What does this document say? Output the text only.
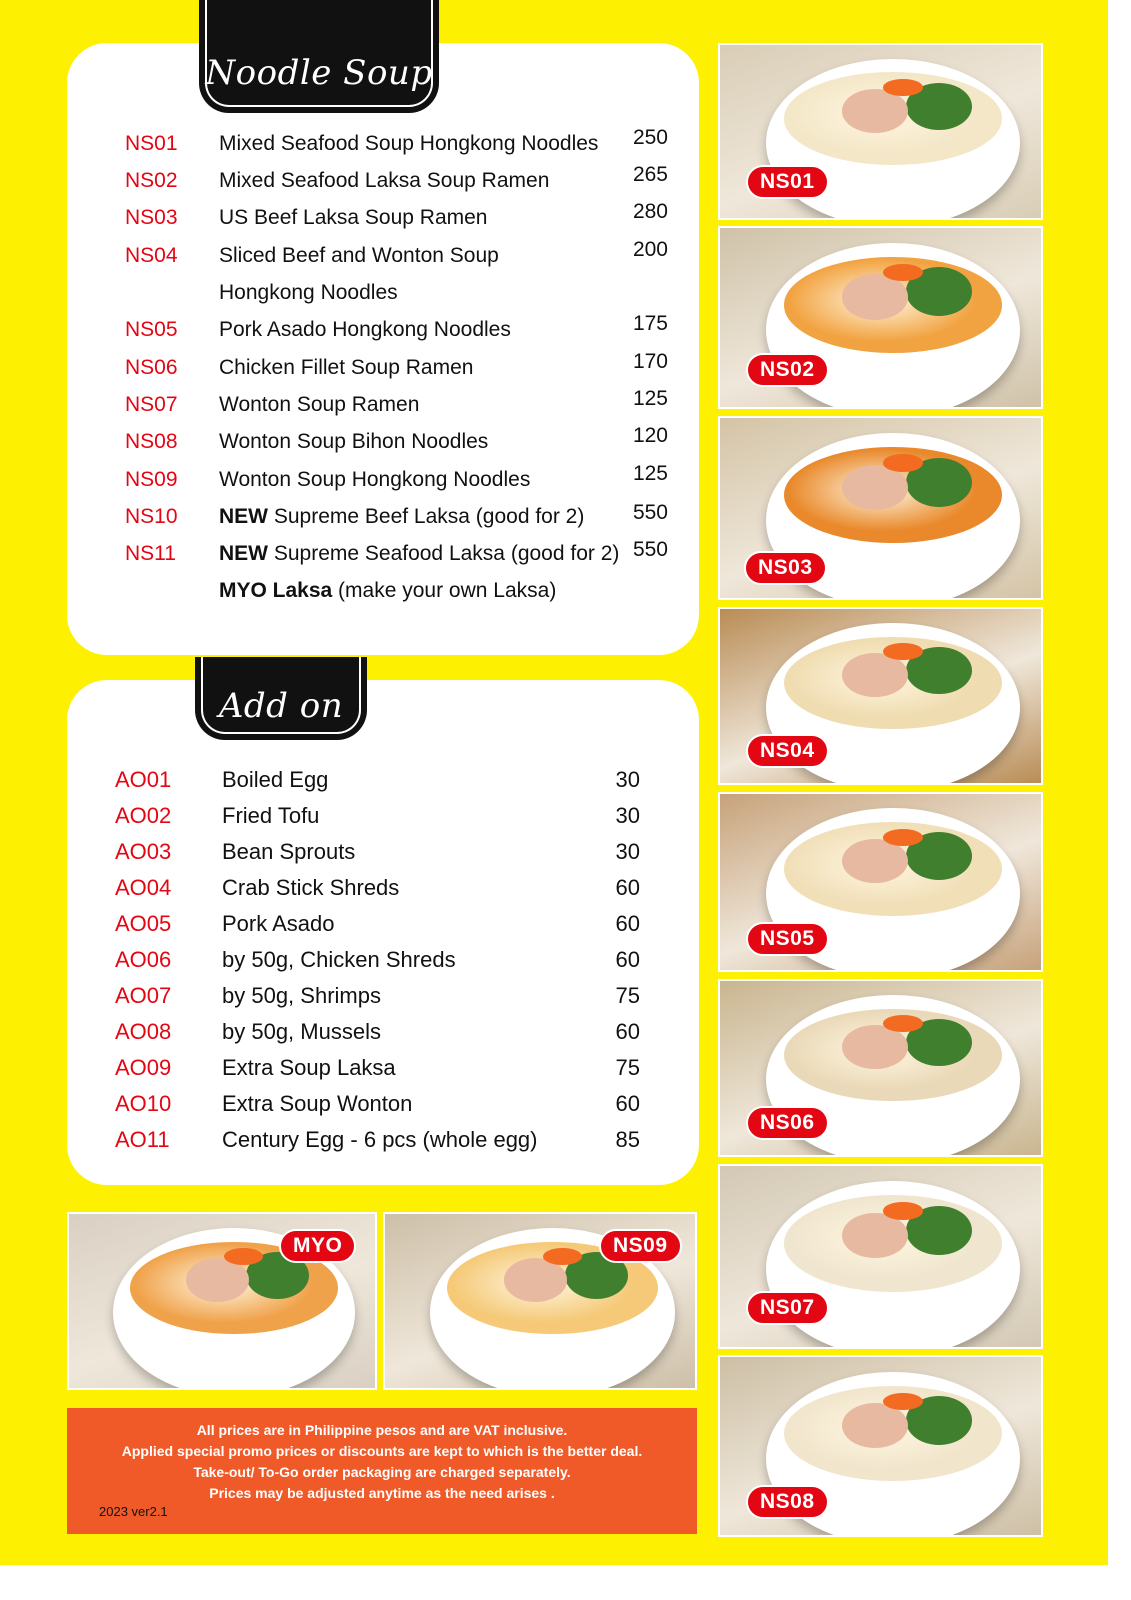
Noodle Soup
NS01 Mixed Seafood Soup Hongkong Noodles	250
NS02 Mixed Seafood Laksa Soup Ramen	265
NS03 US Beef Laksa Soup Ramen	280
NS04 Sliced Beef and Wonton Soup	200
Hongkong Noodles
NS05 Pork Asado Hongkong Noodles	175
NS06 Chicken Fillet Soup Ramen	170
NS07 Wonton Soup Ramen	125
NS08 Wonton Soup Bihon Noodles	120
NS09 Wonton Soup Hongkong Noodles	125
NS10 NEW Supreme Beef Laksa (good for 2)	550
NS11 NEW Supreme Seafood Laksa (good for 2) 550
MYO Laksa (make your own Laksa)
Add on
AO01 Boiled Egg	30
AO02 Fried Tofu	30
AO03 Bean Sprouts	30
AO04 Crab Stick Shreds	60
AO05 Pork Asado	60
AO06 by 50g, Chicken Shreds	60
AO07 by 50g, Shrimps	75
AO08 by 50g, Mussels	60
AO09 Extra Soup Laksa	75
AO10 Extra Soup Wonton	60
AO11 Century Egg - 6 pcs (whole egg)	85
NS01
NS02
NS03
NS04
NS05
NS06
NS07
NS08
MYO	NS09
All prices are in Philippine pesos and are VAT inclusive.
Applied special promo prices or discounts are kept to which is the better deal.
Take-out/ To-Go order packaging are charged separately.
Prices may be adjusted anytime as the need arises .
2023 ver2.1
